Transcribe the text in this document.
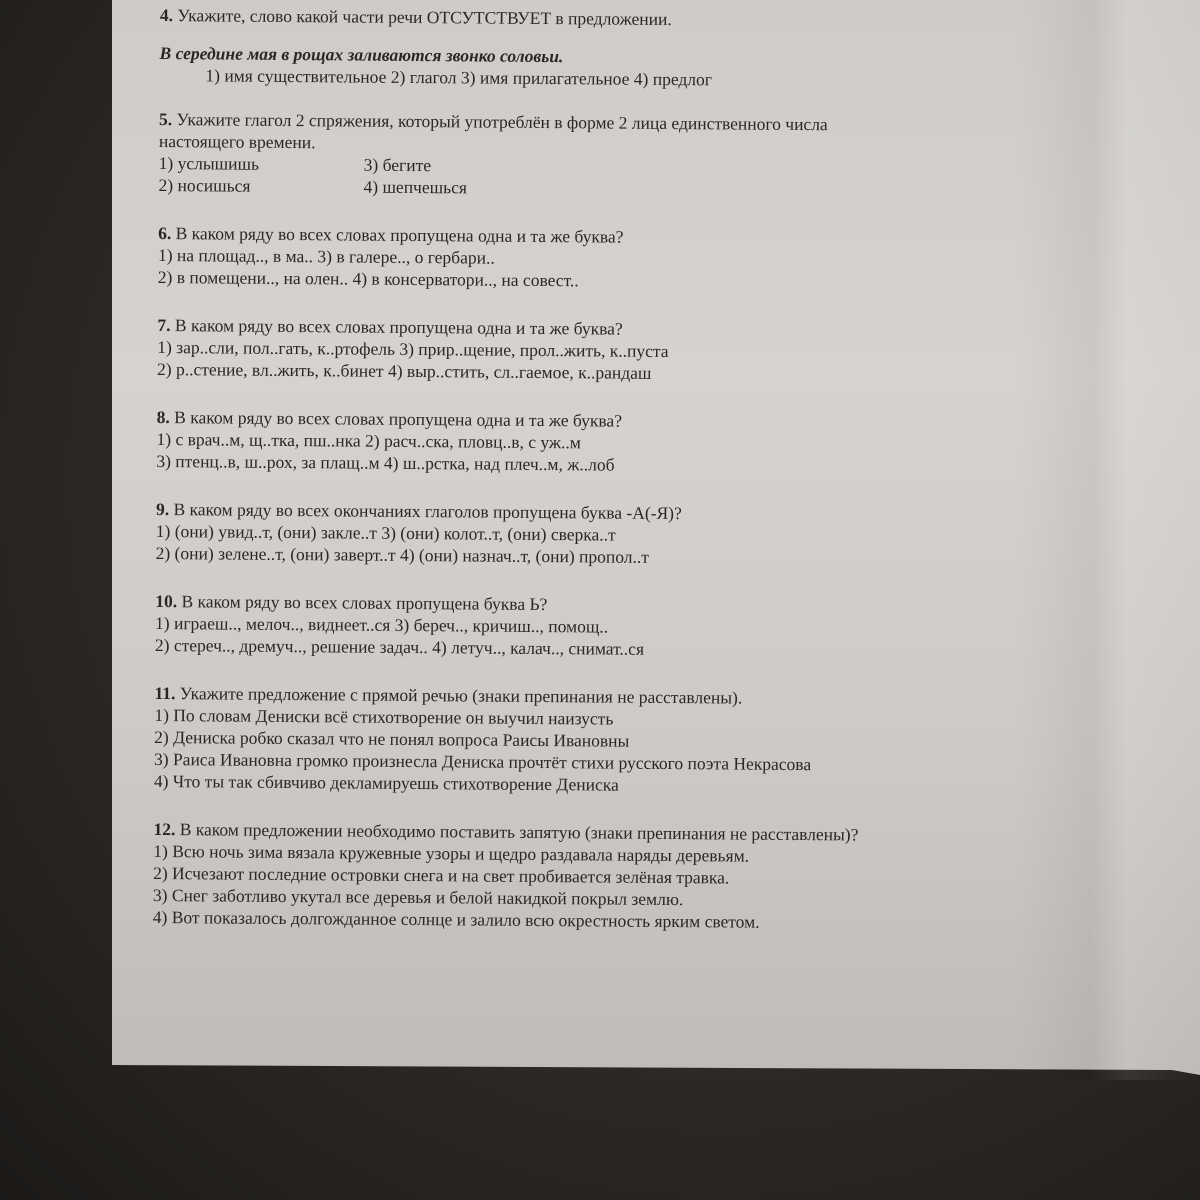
4. Укажите, слово какой части речи ОТСУТСТВУЕТ в предложении.
В середине мая в рощах заливаются звонко соловьи.
1) имя существительное 2) глагол 3) имя прилагательное 4) предлог
5. Укажите глагол 2 спряжения, который употреблён в форме 2 лица единственного числа
настоящего времени.
1) услышишь	3) бегите
2) носишься	4) шепчешься
6. В каком ряду во всех словах пропущена одна и та же буква?
1) на площад.., в ма.. 3) в галере.., о гербари..
2) в помещени.., на олен.. 4) в консерватори.., на совест..
7. В каком ряду во всех словах пропущена одна и та же буква?
1) зар..сли, пол..гать, к..ртофель 3) прир..щение, прол..жить, к..пуста
2) р..стение, вл..жить, к..бинет 4) выр..стить, сл..гаемое, к..рандаш
8. В каком ряду во всех словах пропущена одна и та же буква?
1) с врач..м, щ..тка, пш..нка 2) расч..ска, пловц..в, с уж..м
3) птенц..в, ш..рох, за плащ..м 4) ш..рстка, над плеч..м, ж..лоб
9. В каком ряду во всех окончаниях глаголов пропущена буква -А(-Я)?
1) (они) увид..т, (они) закле..т 3) (они) колот..т, (они) сверка..т
2) (они) зелене..т, (они) заверт..т 4) (они) назнач..т, (они) пропол..т
10. В каком ряду во всех словах пропущена буква Ь?
1) играеш.., мелоч.., виднеет..ся 3) береч.., кричиш.., помощ..
2) стереч.., дремуч.., решение задач.. 4) летуч.., калач.., снимат..ся
11. Укажите предложение с прямой речью (знаки препинания не расставлены).
1) По словам Дениски всё стихотворение он выучил наизусть
2) Дениска робко сказал что не понял вопроса Раисы Ивановны
3) Раиса Ивановна громко произнесла Дениска прочтёт стихи русского поэта Некрасова
4) Что ты так сбивчиво декламируешь стихотворение Дениска
12. В каком предложении необходимо поставить запятую (знаки препинания не расставлены)?
1) Всю ночь зима вязала кружевные узоры и щедро раздавала наряды деревьям.
2) Исчезают последние островки снега и на свет пробивается зелёная травка.
3) Снег заботливо укутал все деревья и белой накидкой покрыл землю.
4) Вот показалось долгожданное солнце и залило всю окрестность ярким светом.
